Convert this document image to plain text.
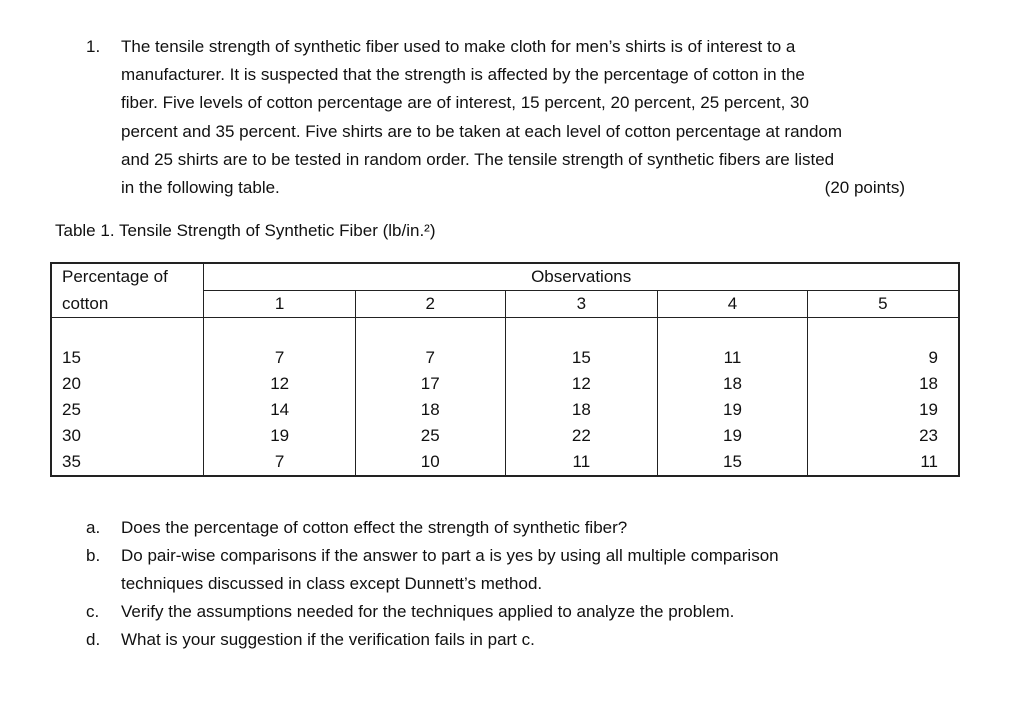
1. The tensile strength of synthetic fiber used to make cloth for men’s shirts is of interest to a
manufacturer. It is suspected that the strength is affected by the percentage of cotton in the
fiber. Five levels of cotton percentage are of interest, 15 percent, 20 percent, 25 percent, 30
percent and 35 percent. Five shirts are to be taken at each level of cotton percentage at random
and 25 shirts are to be tested in random order. The tensile strength of synthetic fibers are listed
in the following table.	(20 points)
Table 1. Tensile Strength of Synthetic Fiber (lb/in.²)
Percentage of	Observations				
cotton	1	2	3	4	5
15	7	7	15	11	9
20	12	17	12	18	18
25	14	18	18	19	19
30	19	25	22	19	23
35	7	10	11	15	11
a. Does the percentage of cotton effect the strength of synthetic fiber?
b. Do pair-wise comparisons if the answer to part a is yes by using all multiple comparison
techniques discussed in class except Dunnett’s method.
c. Verify the assumptions needed for the techniques applied to analyze the problem.
d. What is your suggestion if the verification fails in part c.
